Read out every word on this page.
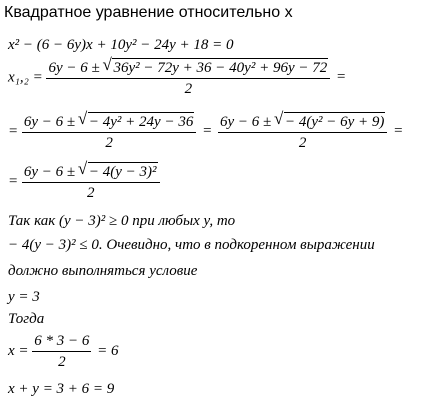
Квадратное уравнение относительно x
x² − (6 − 6y)x + 10y² − 24y + 18 = 0
$x_1,_2 = \frac{\text{6y − 6 ± √ 36y² − 72y + 36 − 40y² + 96y − 72}}{2}$ =
= $\frac{\text{6y − 6 ± √ − 4y² + 24y − 36}}{2} = \frac{\text{6y − 6 ± √ − 4(y² − 6y + 9)}}{2}$ =
= $\frac{\text{6y − 6 ± √ − 4(y − 3)²}}{2}$
Так как (y − 3)² ≥ 0 при любых y, то
− 4(y − 3)² ≤ 0. Очевидно, что в подкоренном выражении
должно выполняться условие
y = 3
Тогда
$x = \frac{6 * 3 - 6}{2} = 6$
x + y = 3 + 6 = 9
